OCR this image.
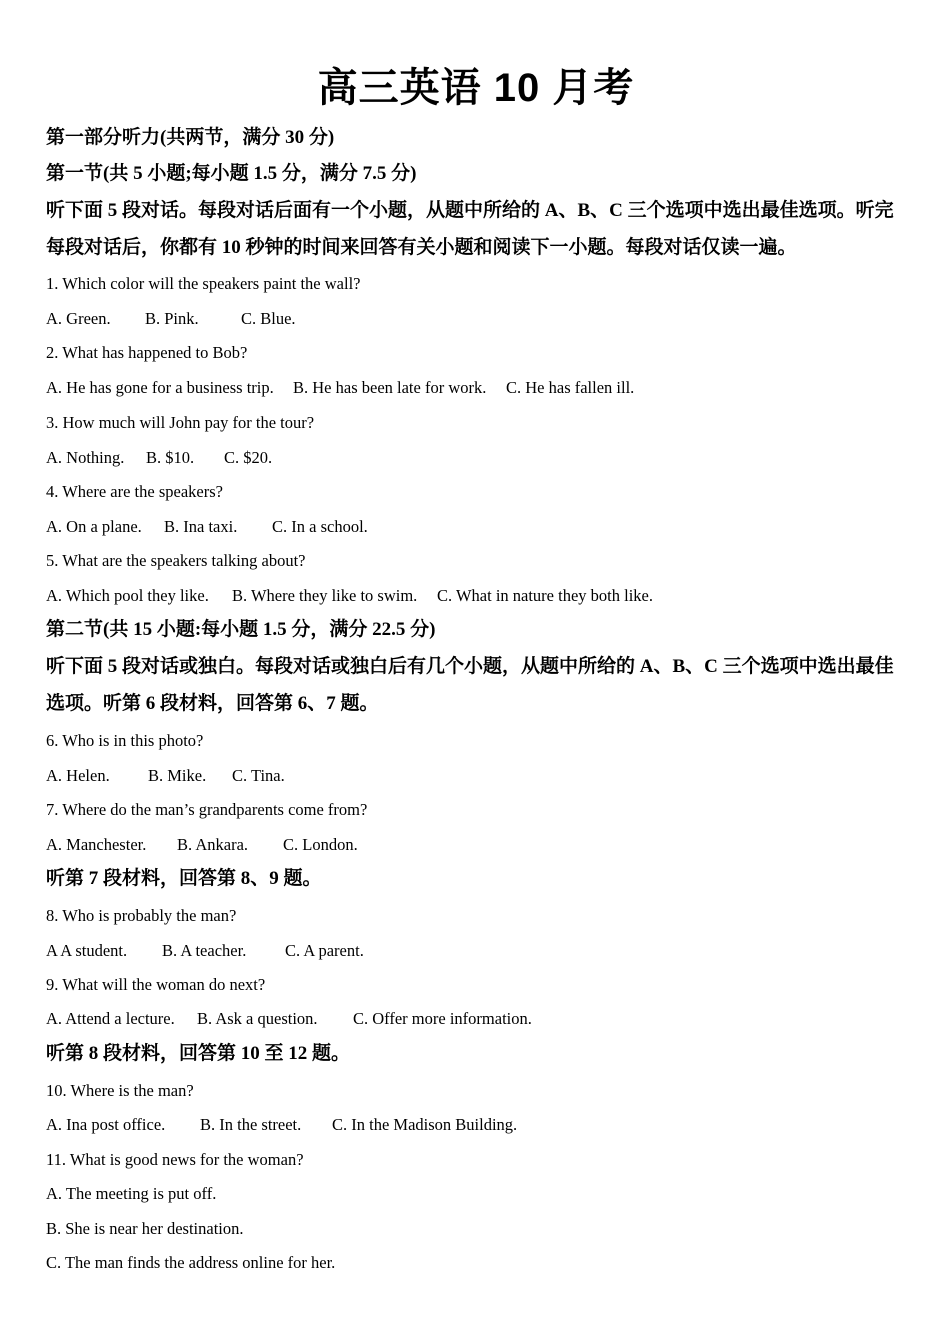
高三英语 10 月考
第一部分听力(共两节，满分 30 分)
第一节(共 5 小题;每小题 1.5 分，满分 7.5 分)
听下面 5 段对话。每段对话后面有一个小题，从题中所给的 A、B、C 三个选项中选出最佳选项。听完
每段对话后，你都有 10 秒钟的时间来回答有关小题和阅读下一小题。每段对话仅读一遍。
1. Which color will the speakers paint the wall?
A. Green. B. Pink.	C. Blue.
2. What has happened to Bob?
A. He has gone for a business trip. B. He has been late for work. C. He has fallen ill.
3. How much will John pay for the tour?
A. Nothing. B. $10. C. $20.
4. Where are the speakers?
A. On a plane. B. Ina taxi. C. In a school.
5. What are the speakers talking about?
A. Which pool they like. B. Where they like to swim. C. What in nature they both like.
第二节(共 15 小题:每小题 1.5 分，满分 22.5 分)
听下面 5 段对话或独白。每段对话或独白后有几个小题，从题中所给的 A、B、C 三个选项中选出最佳
选项。听第 6 段材料，回答第 6、7 题。
6. Who is in this photo?
A. Helen. B. Mike. C. Tina.
7. Where do the man’s grandparents come from?
A. Manchester. B. Ankara. C. London.
听第 7 段材料，回答第 8、9 题。
8. Who is probably the man?
A A student. B. A teacher. C. A parent.
9. What will the woman do next?
A. Attend a lecture. B. Ask a question. C. Offer more information.
听第 8 段材料，回答第 10 至 12 题。
10. Where is the man?
A. Ina post office. B. In the street. C. In the Madison Building.
11. What is good news for the woman?
A. The meeting is put off.
B. She is near her destination.
C. The man finds the address online for her.
